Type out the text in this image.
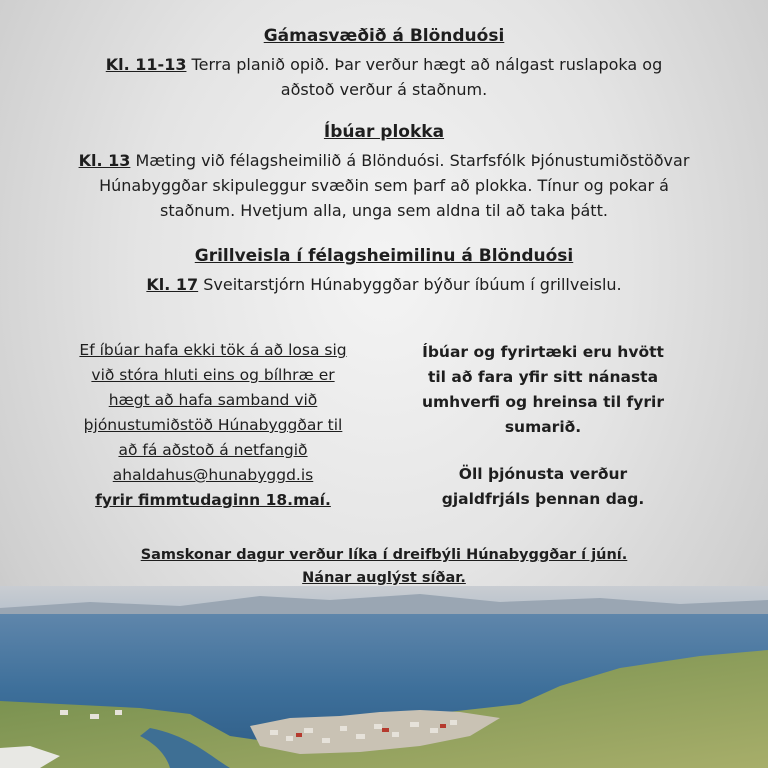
Gámasvæðið á Blönduósi
Kl. 11-13 Terra planið opið. Þar verður hægt að nálgast ruslapoka og
aðstoð verður á staðnum.
Íbúar plokka
Kl. 13 Mæting við félagsheimilið á Blönduósi. Starfsfólk Þjónustumiðstöðvar
Húnabyggðar skipuleggur svæðin sem þarf að plokka. Tínur og pokar á
staðnum. Hvetjum alla, unga sem aldna til að taka þátt.
Grillveisla í félagsheimilinu á Blönduósi
Kl. 17 Sveitarstjórn Húnabyggðar býður íbúum í grillveislu.
Ef íbúar hafa ekki tök á að losa sig
við stóra hluti eins og bílhræ er
hægt að hafa samband við
þjónustumiðstöð Húnabyggðar til
að fá aðstoð á netfangið
ahaldahus@hunabyggd.is
fyrir fimmtudaginn 18.maí.
Íbúar og fyrirtæki eru hvött
til að fara yfir sitt nánasta
umhverfi og hreinsa til fyrir
sumarið.
Öll þjónusta verður
gjaldfrjáls þennan dag.
Samskonar dagur verður líka í dreifbýli Húnabyggðar í júní.
Nánar auglýst síðar.
